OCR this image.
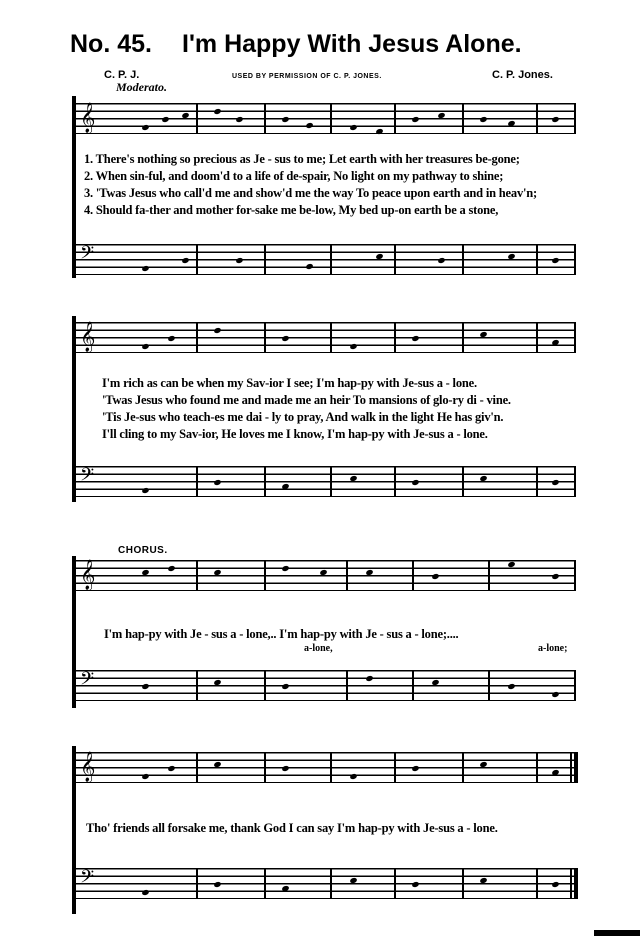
No. 45. I'm Happy With Jesus Alone.
C. P. J.	USED BY PERMISSION OF C. P. JONES.	C. P. Jones.
Moderato.
𝄞
1. There's nothing so precious as Je - sus to me; Let earth with her treasures be-gone;
2. When sin-ful, and doom'd to a life of de-spair, No light on my pathway to shine;
3. 'Twas Jesus who call'd me and show'd me the way To peace upon earth and in heav'n;
4. Should fa-ther and mother for-sake me be-low, My bed up-on earth be a stone,
𝄢
𝄞
I'm rich as can be when my Sav-ior I see; I'm hap-py with Je-sus a - lone.
'Twas Jesus who found me and made me an heir To mansions of glo-ry di - vine.
'Tis Je-sus who teach-es me dai - ly to pray, And walk in the light He has giv'n.
I'll cling to my Sav-ior, He loves me I know, I'm hap-py with Je-sus a - lone.
𝄢
CHORUS.
𝄞
I'm hap-py with Je - sus a - lone,.. I'm hap-py with Je - sus a - lone;....
a-lone,	a-lone;
𝄢
𝄞
Tho' friends all forsake me, thank God I can say I'm hap-py with Je-sus a - lone.
𝄢
